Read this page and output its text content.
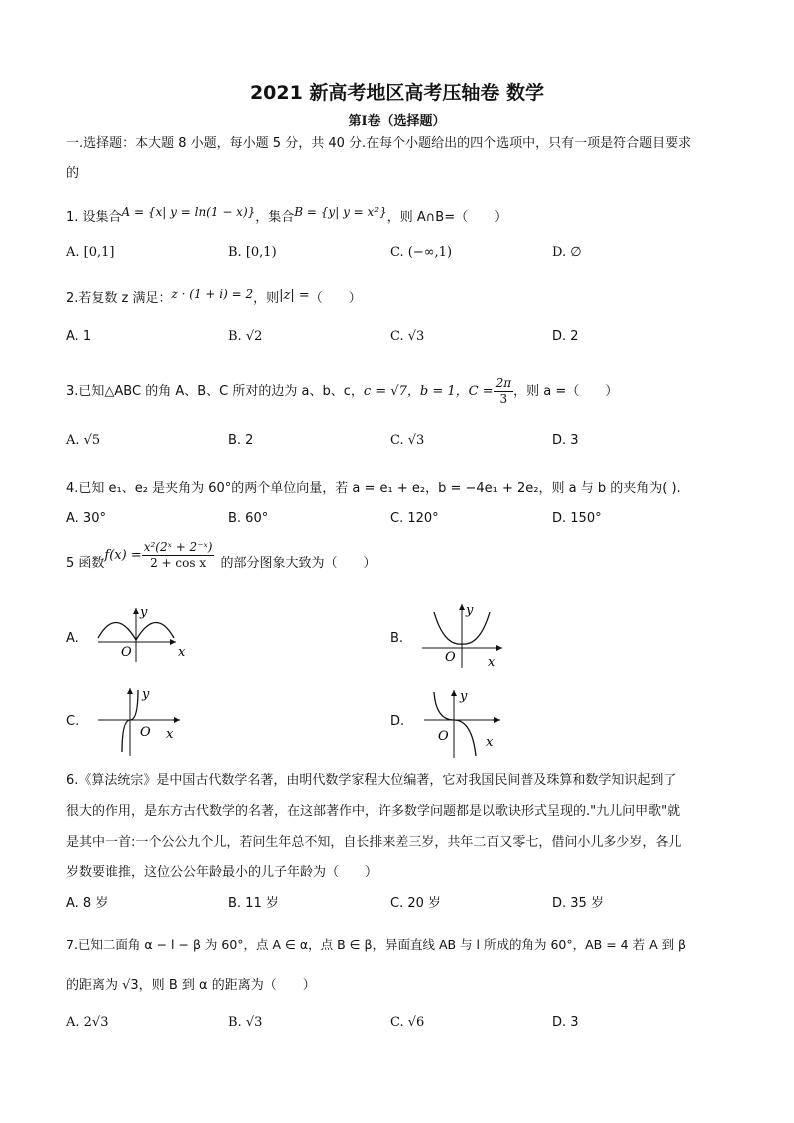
2021 新高考地区高考压轴卷 数学
第Ⅰ卷（选择题）
一.选择题：本大题 8 小题，每小题 5 分，共 40 分.在每个小题给出的四个选项中，只有一项是符合题目要求
的
1. 设集合A = {x| y = ln(1 − x)}，集合B = {y| y = x²}，则 A∩B=（　　）
A. [0,1]	B. [0,1)	C. (−∞,1)	D. ∅
2.若复数 z 满足：z · (1 + i) = 2，则|z| =（　　）
A. 1	B. √2	C. √3	D. 2
3.已知△ABC 的角 A、B、C 所对的边为 a、b、c，c = √7，b = 1，$C = \frac{2\pi}{3}$ ，则 a =（　　）
A. √5	B. 2	C. √3	D. 3
4.已知 e₁、e₂ 是夹角为 60°的两个单位向量，若 a = e₁ + e₂，b = −4e₁ + 2e₂，则 a 与 b 的夹角为( ).
A. 30°	B. 60°	C. 120°	D. 150°
5 函数$f(x) = \frac{\text{x²(2ˣ + 2⁻ˣ)}}{\text{2 + cos x}}$ 的部分图象大致为（　　）
A.	B.
C.	D.
y
O	x
y
O x
y
O x
y
O	x
6.《算法统宗》是中国古代数学名著，由明代数学家程大位编著，它对我国民间普及珠算和数学知识起到了
很大的作用，是东方古代数学的名著，在这部著作中，许多数学问题都是以歌诀形式呈现的."九儿问甲歌"就
是其中一首:一个公公九个儿，若问生年总不知，自长排来差三岁，共年二百又零七，借问小儿多少岁，各儿
岁数要谁推，这位公公年龄最小的儿子年龄为（　　）
A. 8 岁	B. 11 岁	C. 20 岁	D. 35 岁
7.已知二面角 α − l − β 为 60°，点 A ∈ α，点 B ∈ β，异面直线 AB 与 l 所成的角为 60°，AB = 4 若 A 到 β
的距离为 √3，则 B 到 α 的距离为（　　）
A. 2√3	B. √3	C. √6	D. 3
